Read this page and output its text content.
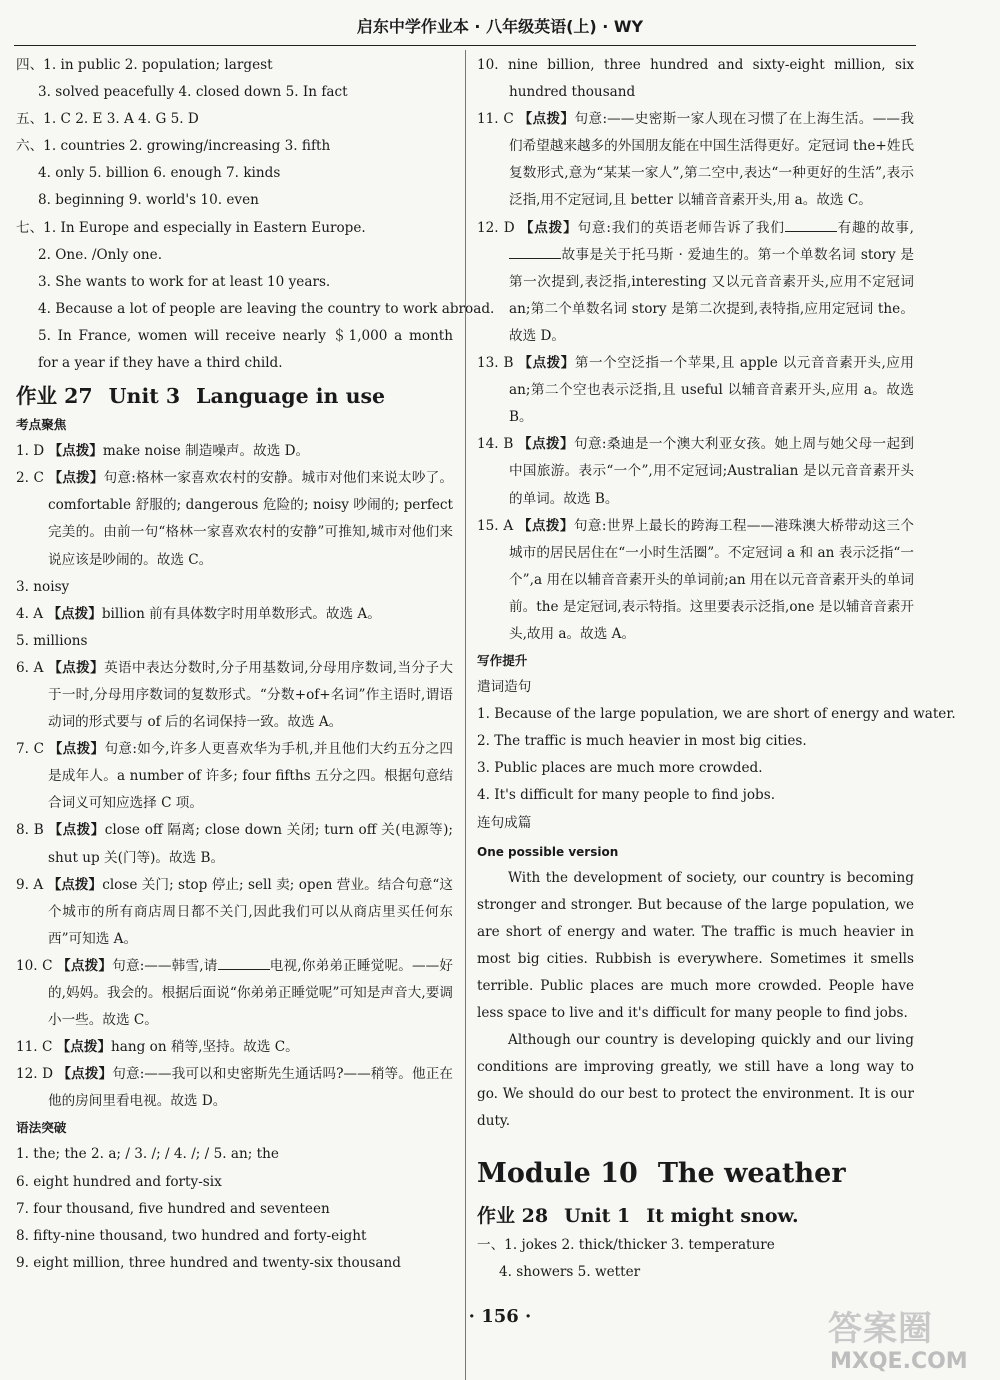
启东中学作业本 · 八年级英语(上) · WY

四、1. in public 2. population; largest

3. solved peacefully 4. closed down 5. In fact

五、1. C 2. E 3. A 4. G 5. D

六、1. countries 2. growing/increasing 3. fifth

4. only 5. billion 6. enough 7. kinds

8. beginning 9. world's 10. even

七、1. In Europe and especially in Eastern Europe.

2. One. /Only one.

3. She wants to work for at least 10 years.

4. Because a lot of people are leaving the country to work abroad.

5. In France, women will receive nearly ＄1,000 a month for a year if they have a third child.

作业 27 Unit 3 Language in use

考点聚焦

1. D 【点拨】make noise 制造噪声。故选 D。

2. C 【点拨】句意:格林一家喜欢农村的安静。城市对他们来说太吵了。comfortable 舒服的; dangerous 危险的; noisy 吵闹的; perfect 完美的。由前一句“格林一家喜欢农村的安静”可推知,城市对他们来说应该是吵闹的。故选 C。

3. noisy

4. A 【点拨】billion 前有具体数字时用单数形式。故选 A。

5. millions

6. A 【点拨】英语中表达分数时,分子用基数词,分母用序数词,当分子大于一时,分母用序数词的复数形式。“分数+of+名词”作主语时,谓语动词的形式要与 of 后的名词保持一致。故选 A。

7. C 【点拨】句意:如今,许多人更喜欢华为手机,并且他们大约五分之四是成年人。a number of 许多; four fifths 五分之四。根据句意结合词义可知应选择 C 项。

8. B 【点拨】close off 隔离; close down 关闭; turn off 关(电源等); shut up 关(门等)。故选 B。

9. A 【点拨】close 关门; stop 停止; sell 卖; open 营业。结合句意“这个城市的所有商店周日都不关门,因此我们可以从商店里买任何东西”可知选 A。

10. C 【点拨】句意:——韩雪,请	电视,你弟弟正睡觉呢。——好的,妈妈。我会的。根据后面说“你弟弟正睡觉呢”可知是声音大,要调小一些。故选 C。

11. C 【点拨】hang on 稍等,坚持。故选 C。

12. D 【点拨】句意:——我可以和史密斯先生通话吗?——稍等。他正在他的房间里看电视。故选 D。

语法突破

1. the; the 2. a; / 3. /; / 4. /; / 5. an; the

6. eight hundred and forty-six

7. four thousand, five hundred and seventeen

8. fifty-nine thousand, two hundred and forty-eight

9. eight million, three hundred and twenty-six thousand

10. nine billion, three hundred and sixty-eight million, six hundred thousand

11. C 【点拨】句意:——史密斯一家人现在习惯了在上海生活。——我们希望越来越多的外国朋友能在中国生活得更好。定冠词 the+姓氏复数形式,意为“某某一家人”,第二空中,表达“一种更好的生活”,表示泛指,用不定冠词,且 better 以辅音音素开头,用 a。故选 C。

12. D 【点拨】句意:我们的英语老师告诉了我们	有趣的故事,故事是关于托马斯 · 爱迪生的。第一个单数名词 story 是第一次提到,表泛指,interesting 又以元音音素开头,应用不定冠词 an;第二个单数名词 story 是第二次提到,表特指,应用定冠词 the。故选 D。

13. B 【点拨】第一个空泛指一个苹果,且 apple 以元音音素开头,应用 an;第二个空也表示泛指,且 useful 以辅音音素开头,应用 a。故选 B。

14. B 【点拨】句意:桑迪是一个澳大利亚女孩。她上周与她父母一起到中国旅游。表示“一个”,用不定冠词;Australian 是以元音音素开头的单词。故选 B。

15. A 【点拨】句意:世界上最长的跨海工程——港珠澳大桥带动这三个城市的居民居住在“一小时生活圈”。不定冠词 a 和 an 表示泛指“一个”,a 用在以辅音音素开头的单词前;an 用在以元音音素开头的单词前。the 是定冠词,表示特指。这里要表示泛指,one 是以辅音音素开头,故用 a。故选 A。

写作提升

遣词造句

1. Because of the large population, we are short of energy and water.

2. The traffic is much heavier in most big cities.

3. Public places are much more crowded.

4. It's difficult for many people to find jobs.

连句成篇

One possible version

With the development of society, our country is becoming stronger and stronger. But because of the large population, we are short of energy and water. The traffic is much heavier in most big cities. Rubbish is everywhere. Sometimes it smells terrible. Public places are much more crowded. People have less space to live and it's difficult for many people to find jobs.

Although our country is developing quickly and our living conditions are improving greatly, we still have a long way to go. We should do our best to protect the environment. It is our duty.

Module 10 The weather
作业 28 Unit 1 It might snow.

一、1. jokes 2. thick/thicker 3. temperature

4. showers 5. wetter

· 156 ·	答案圈
MXQE.COM
